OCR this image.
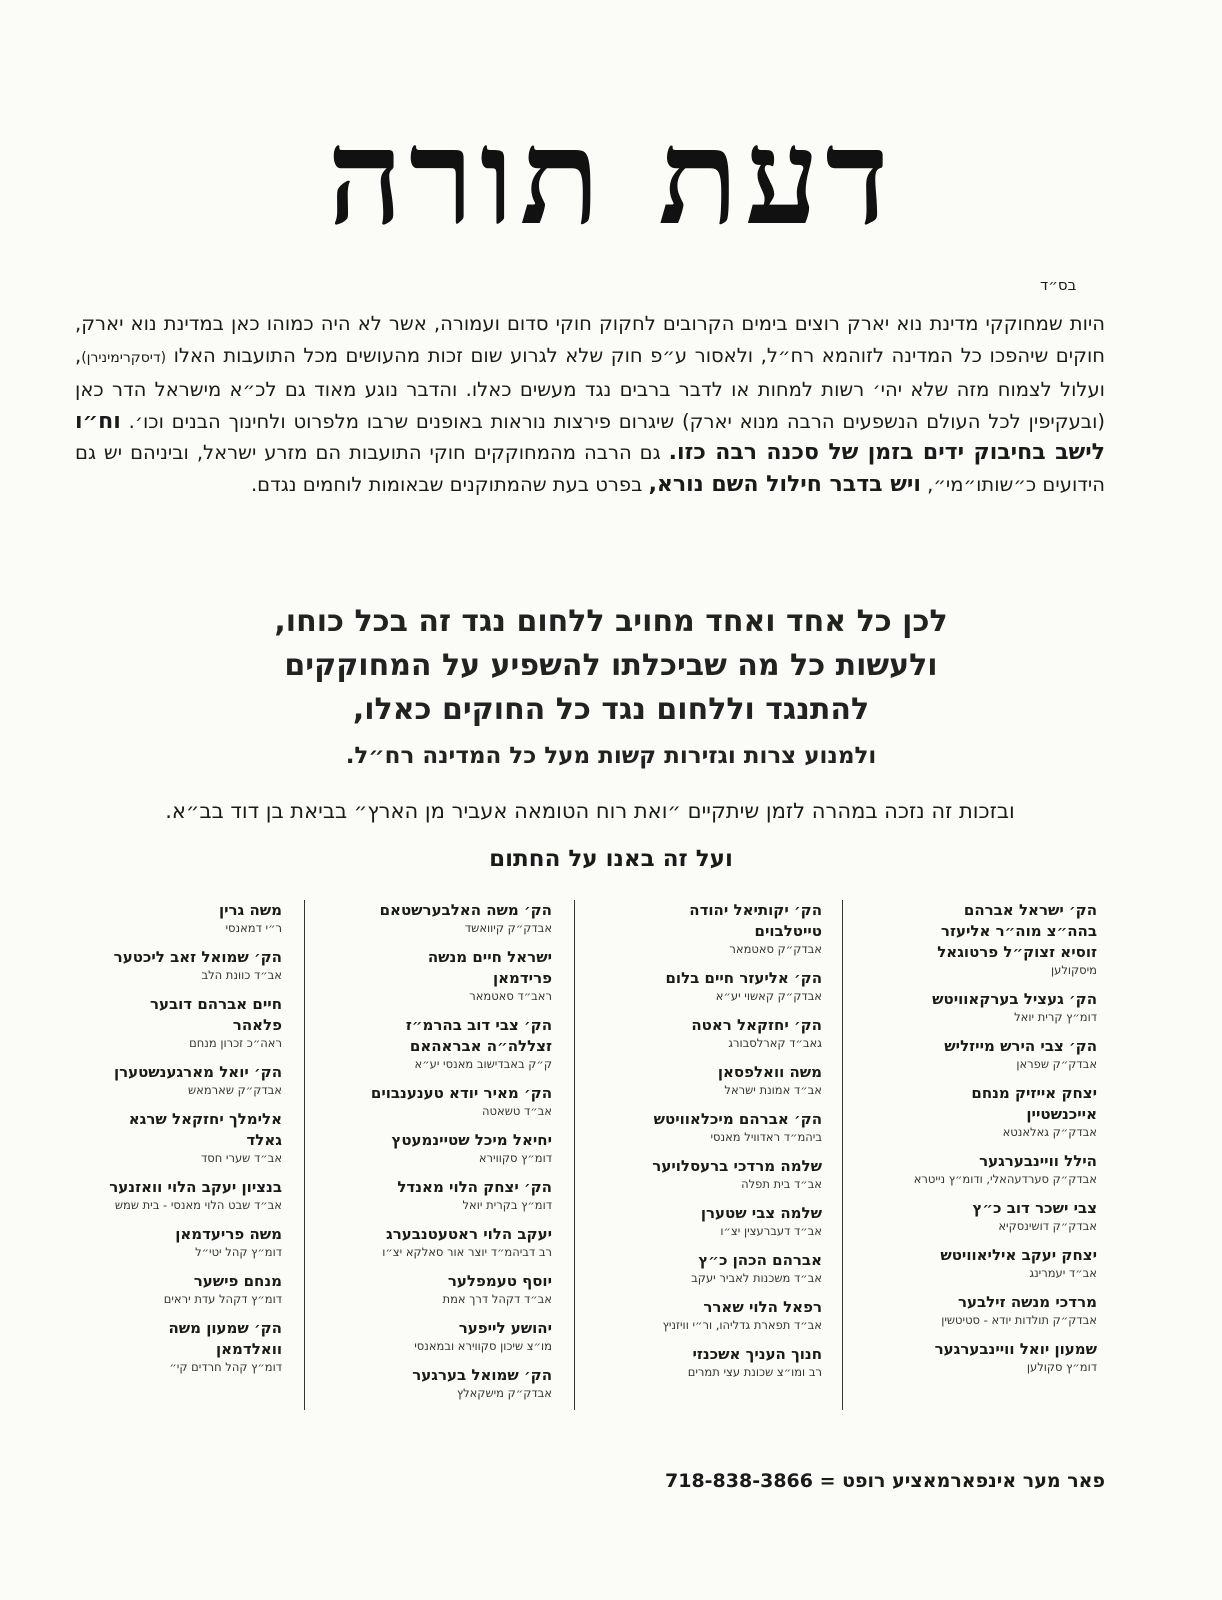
דעת תורה
בס״ד
היות שמחוקקי מדינת נוא יארק רוצים בימים הקרובים לחקוק חוקי סדום ועמורה, אשר לא היה כמוהו כאן במדינת נוא יארק, חוקים שיהפכו כל המדינה לזוהמא רח״ל, ולאסור ע״פ חוק שלא לגרוע שום זכות מהעושים מכל התועבות האלו (דיסקרימינירן), ועלול לצמוח מזה שלא יהי׳ רשות למחות או לדבר ברבים נגד מעשים כאלו. והדבר נוגע מאוד גם לכ״א מישראל הדר כאן (ובעקיפין לכל העולם הנשפעים הרבה מנוא יארק) שיגרום פירצות נוראות באופנים שרבו מלפרוט ולחינוך הבנים וכו׳. וח״ו לישב בחיבוק ידים בזמן של סכנה רבה כזו. גם הרבה מהמחוקקים חוקי התועבות הם מזרע ישראל, וביניהם יש גם הידועים כ״שותו״מי״, ויש בדבר חילול השם נורא, בפרט בעת שהמתוקנים שבאומות לוחמים נגדם.
לכן כל אחד ואחד מחויב ללחום נגד זה בכל כוחו,
ולעשות כל מה שביכלתו להשפיע על המחוקקים
להתנגד וללחום נגד כל החוקים כאלו,
ולמנוע צרות וגזירות קשות מעל כל המדינה רח״ל.
ובזכות זה נזכה במהרה לזמן שיתקיים ״ואת רוח הטומאה אעביר מן הארץ״ בביאת בן דוד בב״א.
ועל זה באנו על החתום
הק׳ ישראל אברהם בהה״צ מוה״ר אליעזר זוסיא זצוק״ל פרטוגאל
מיסקולען
הק׳ געציל בערקאוויטש
דומ״ץ קרית יואל
הק׳ צבי הירש מייזליש
אבדק״ק שפראן
יצחק אייזיק מנחם אייכנשטיין
אבדק״ק גאלאנטא
הילל וויינבערגער
אבדק״ק סערדעהאלי, ודומ״ץ נייטרא
צבי ישכר דוב כ״ץ
אבדק״ק דושינסקיא
יצחק יעקב איליאוויטש
אב״ד יעמרינג
מרדכי מנשה זילבער
אבדק״ק תולדות יודא - סטיטשין
שמעון יואל וויינבערגער
דומ״ץ סקולען
הק׳ יקותיאל יהודה טייטלבוים
אבדק״ק סאטמאר
הק׳ אליעזר חיים בלום
אבדק״ק קאשוי יע״א
הק׳ יחזקאל ראטה
גאב״ד קארלסבורג
משה וואלפסאן
אב״ד אמונת ישראל
הק׳ אברהם מיכלאוויטש
ביהמ״ד ראדוויל מאנסי
שלמה מרדכי ברעסלויער
אב״ד בית תפלה
שלמה צבי שטערן
אב״ד דעברעצין יצ״ו
אברהם הכהן כ״ץ
אב״ד משכנות לאביר יעקב
רפאל הלוי שארר
אב״ד תפארת גדליהו, ור״י וויזניץ
חנוך העניך אשכנזי
רב ומו״צ שכונת עצי תמרים
הק׳ משה האלבערשטאם
אבדק״ק קיוואשד
ישראל חיים מנשה פרידמאן
ראב״ד סאטמאר
הק׳ צבי דוב בהרמ״ז זצללה״ה אבראהאם
ק״ק באבדישוב מאנסי יע״א
הק׳ מאיר יודא טענענבוים
אב״ד טשאטה
יחיאל מיכל שטיינמעטץ
דומ״ץ סקווירא
הק׳ יצחק הלוי מאנדל
דומ״ץ בקרית יואל
יעקב הלוי ראטעטנבערג
רב דביהמ״ד יוצר אור סאלקא יצ״ו
יוסף טעמפלער
אב״ד דקהל דרך אמת
יהושע לייפער
מו״צ שיכון סקווירא ובמאנסי
הק׳ שמואל בערגער
אבדק״ק מישקאלץ
משה גרין
ר״י דמאנסי
הק׳ שמואל זאב ליכטער
אב״ד כוונת הלב
חיים אברהם דובער פלאהר
ראה״כ זכרון מנחם
הק׳ יואל מארגענשטערן
אבדק״ק שארמאש
אלימלך יחזקאל שרגא גאלד
אב״ד שערי חסד
בנציון יעקב הלוי וואזנער
אב״ד שבט הלוי מאנסי - בית שמש
משה פריעדמאן
דומ״ץ קהל יטי״ל
מנחם פישער
דומ״ץ דקהל עדת יראים
הק׳ שמעון משה וואלדמאן
דומ״ץ קהל חרדים קי״
פאר מער אינפארמאציע רופט = 718-838-3866
